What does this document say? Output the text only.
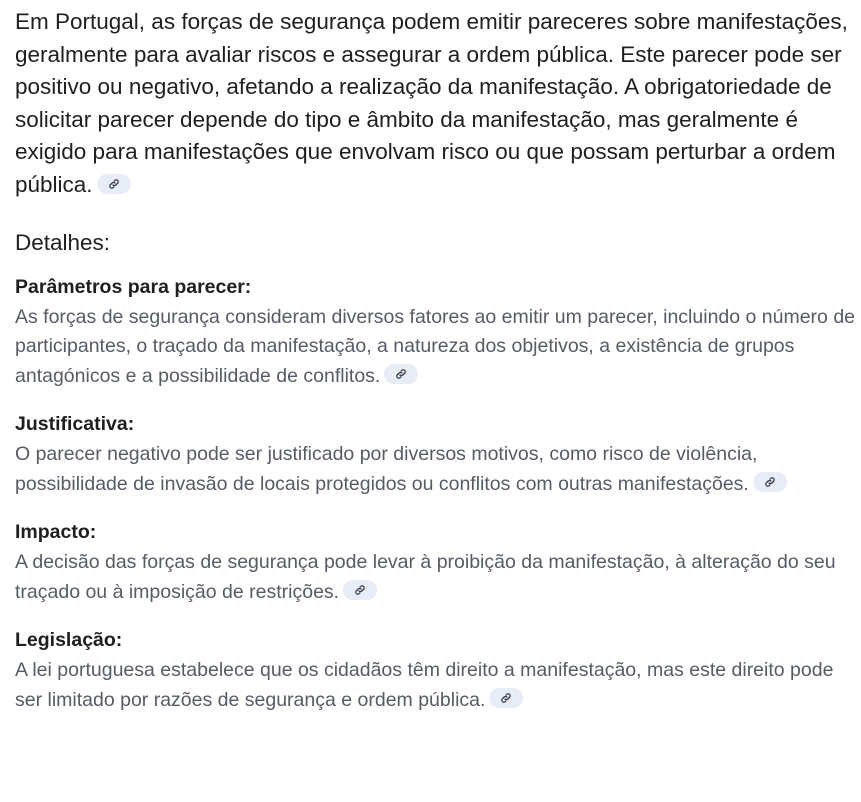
Em Portugal, as forças de segurança podem emitir pareceres sobre manifestações, geralmente para avaliar riscos e assegurar a ordem pública. Este parecer pode ser positivo ou negativo, afetando a realização da manifestação. A obrigatoriedade de solicitar parecer depende do tipo e âmbito da manifestação, mas geralmente é exigido para manifestações que envolvam risco ou que possam perturbar a ordem pública.

Detalhes:
Parâmetros para parecer:

As forças de segurança consideram diversos fatores ao emitir um parecer, incluindo o número de participantes, o traçado da manifestação, a natureza dos objetivos, a existência de grupos antagónicos e a possibilidade de conflitos.

Justificativa:

O parecer negativo pode ser justificado por diversos motivos, como risco de violência, possibilidade de invasão de locais protegidos ou conflitos com outras manifestações.

Impacto:

A decisão das forças de segurança pode levar à proibição da manifestação, à alteração do seu traçado ou à imposição de restrições.

Legislação:

A lei portuguesa estabelece que os cidadãos têm direito a manifestação, mas este direito pode ser limitado por razões de segurança e ordem pública.
